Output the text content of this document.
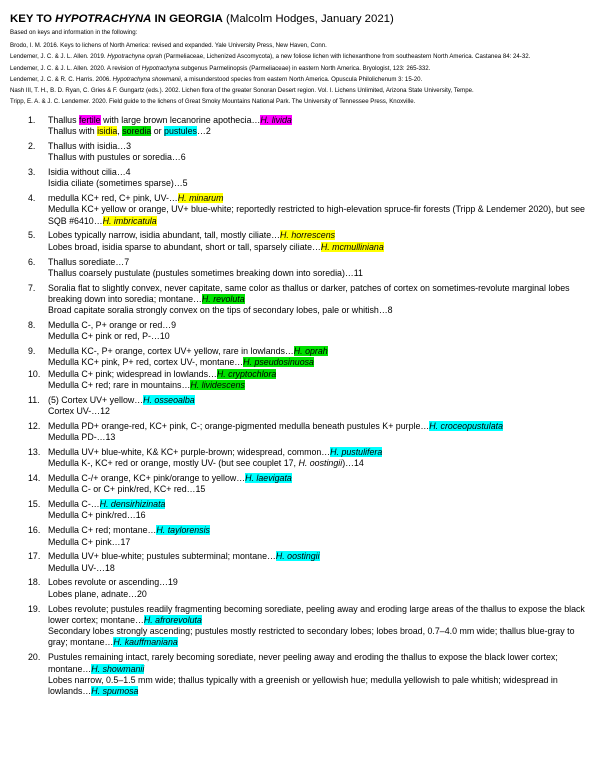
KEY TO HYPOTRACHYNA IN GEORGIA (Malcolm Hodges, January 2021)
Based on keys and information in the following:
Brodo, I. M. 2016. Keys to lichens of North America: revised and expanded. Yale University Press, New Haven, Conn.
Lendemer, J. C. & J. L. Allen. 2019. Hypotrachyna oprah (Parmeliaceae, Lichenized Ascomycota), a new foliose lichen with lichexanthone from southeastern North America. Castanea 84: 24-32.
Lendemer, J. C. & J. L. Allen. 2020. A revision of Hypotrachyna subgenus Parmelinopsis (Parmeliaceae) in eastern North America. Bryologist, 123: 265-332.
Lendemer, J. C. & R. C. Harris. 2006. Hypotrachyna showmanii, a misunderstood species from eastern North America. Opuscula Philolichenum 3: 15-20.
Nash III, T. H., B. D. Ryan, C. Gries & F. Gungartz (eds.). 2002. Lichen flora of the greater Sonoran Desert region. Vol. I. Lichens Unlimited, Arizona State University, Tempe.
Tripp, E. A. & J. C. Lendemer. 2020. Field guide to the lichens of Great Smoky Mountains National Park. The University of Tennessee Press, Knoxville.
1. Thallus fertile with large brown lecanorine apothecia…H. livida
Thallus with isidia, soredia or pustules…2
2. Thallus with isidia…3
Thallus with pustules or soredia…6
3. Isidia without cilia…4
Isidia ciliate (sometimes sparse)…5
4. medulla KC+ red, C+ pink, UV-…H. minarum
Medulla KC+ yellow or orange, UV+ blue-white; reportedly restricted to high-elevation spruce-fir forests (Tripp & Lendemer 2020), but see SQB #6410…H. imbricatula
5. Lobes typically narrow, isidia abundant, tall, mostly ciliate…H. horrescens
Lobes broad, isidia sparse to abundant, short or tall, sparsely ciliate…H. mcmulliniana
6. Thallus sorediate…7
Thallus coarsely pustulate (pustules sometimes breaking down into soredia)…11
7. Soralia flat to slightly convex, never capitate, same color as thallus or darker, patches of cortex on sometimes-revolute marginal lobes breaking down into soredia; montane…H. revoluta
Broad capitate soralia strongly convex on the tips of secondary lobes, pale or whitish…8
8. Medulla C-, P+ orange or red…9
Medulla C+ pink or red, P-…10
9. Medulla KC-, P+ orange, cortex UV+ yellow, rare in lowlands…H. oprah
Medulla KC+ pink, P+ red, cortex UV-, montane…H. pseudosinuosa
10. Medulla C+ pink; widespread in lowlands…H. cryptochlora
Medulla C+ red; rare in mountains…H. lividescens
11. (5) Cortex UV+ yellow…H. osseoalba
Cortex UV-…12
12. Medulla PD+ orange-red, KC+ pink, C-; orange-pigmented medulla beneath pustules K+ purple…H. croceopustulata
Medulla PD-…13
13. Medulla UV+ blue-white, K& KC+ purple-brown; widespread, common…H. pustulifera
Medulla K-, KC+ red or orange, mostly UV- (but see couplet 17, H. oostingii)…14
14. Medulla C-/+ orange, KC+ pink/orange to yellow…H. laevigata
Medulla C- or C+ pink/red, KC+ red…15
15. Medulla C-…H. densirhizinata
Medulla C+ pink/red…16
16. Medulla C+ red; montane…H. taylorensis
Medulla C+ pink…17
17. Medulla UV+ blue-white; pustules subterminal; montane…H. oostingii
Medulla UV-…18
18. Lobes revolute or ascending…19
Lobes plane, adnate…20
19. Lobes revolute; pustules readily fragmenting becoming sorediate, peeling away and eroding large areas of the thallus to expose the black lower cortex; montane…H. afrorevoluta
Secondary lobes strongly ascending; pustules mostly restricted to secondary lobes; lobes broad, 0.7–4.0 mm wide; thallus blue-gray to gray; montane…H. kauffmaniana
20. Pustules remaining intact, rarely becoming sorediate, never peeling away and eroding the thallus to expose the black lower cortex; montane…H. showmanii
Lobes narrow, 0.5–1.5 mm wide; thallus typically with a greenish or yellowish hue; medulla yellowish to pale whitish; widespread in lowlands…H. spumosa
